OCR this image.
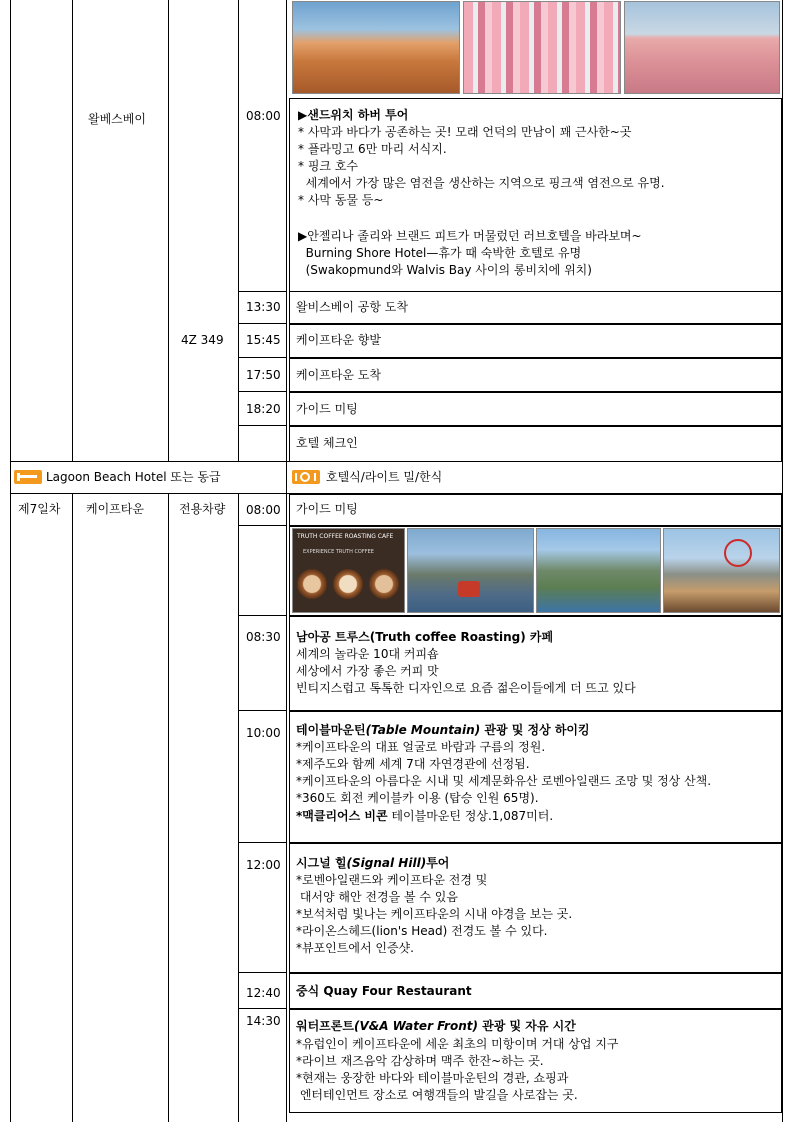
왈베스베이
4Z 349
08:00 ▶샌드위치 하버 투어
* 사막과 바다가 공존하는 곳! 모래 언덕의 만남이 꽤 근사한~곳
* 플라밍고 6만 마리 서식지.
* 핑크 호수
세계에서 가장 많은 염전을 생산하는 지역으로 핑크색 염전으로 유명.
* 사막 동물 등~
▶안젤리나 졸리와 브랜드 피트가 머물렀던 러브호텔을 바라보며~
Burning Shore Hotel—휴가 때 숙박한 호텔로 유명
(Swakopmund와 Walvis Bay 사이의 롱비치에 위치)
13:30 왈비스베이 공항 도착
15:45 케이프타운 향발
17:50 케이프타운 도착
18:20 가이드 미팅
호텔 체크인
Lagoon Beach Hotel 또는 동급	호텔식/라이트 밀/한식
제7일차 케이프타운	전용차량 08:00 가이드 미팅
TRUTH COFFEE ROASTING CAFE
EXPERIENCE TRUTH COFFEE
08:30 남아공 트루스(Truth coffee Roasting) 카페
세계의 놀라운 10대 커피숍
세상에서 가장 좋은 커피 맛
빈티지스럽고 톡톡한 디자인으로 요즘 젊은이들에게 더 뜨고 있다
10:00 테이블마운틴(Table Mountain) 관광 및 정상 하이킹
*케이프타운의 대표 얼굴로 바람과 구름의 정원.
*제주도와 함께 세계 7대 자연경관에 선정됨.
*케이프타운의 아름다운 시내 및 세계문화유산 로벤아일랜드 조망 및 정상 산책.
*360도 회전 케이블카 이용 (탑승 인원 65명).
*맥클리어스 비콘 테이블마운틴 정상.1,087미터.
12:00 시그널 힐(Signal Hill)투어
*로벤아일랜드와 케이프타운 전경 및
대서양 해안 전경을 볼 수 있음
*보석처럼 빛나는 케이프타운의 시내 야경을 보는 곳.
*라이온스헤드(lion's Head) 전경도 볼 수 있다.
*뷰포인트에서 인증샷.
12:40 중식 Quay Four Restaurant
14:30 워터프론트(V&A Water Front) 관광 및 자유 시간
*유럽인이 케이프타운에 세운 최초의 미항이며 거대 상업 지구
*라이브 재즈음악 감상하며 맥주 한잔~하는 곳.
*현재는 웅장한 바다와 테이블마운틴의 경관, 쇼핑과
엔터테인먼트 장소로 여행객들의 발길을 사로잡는 곳.
